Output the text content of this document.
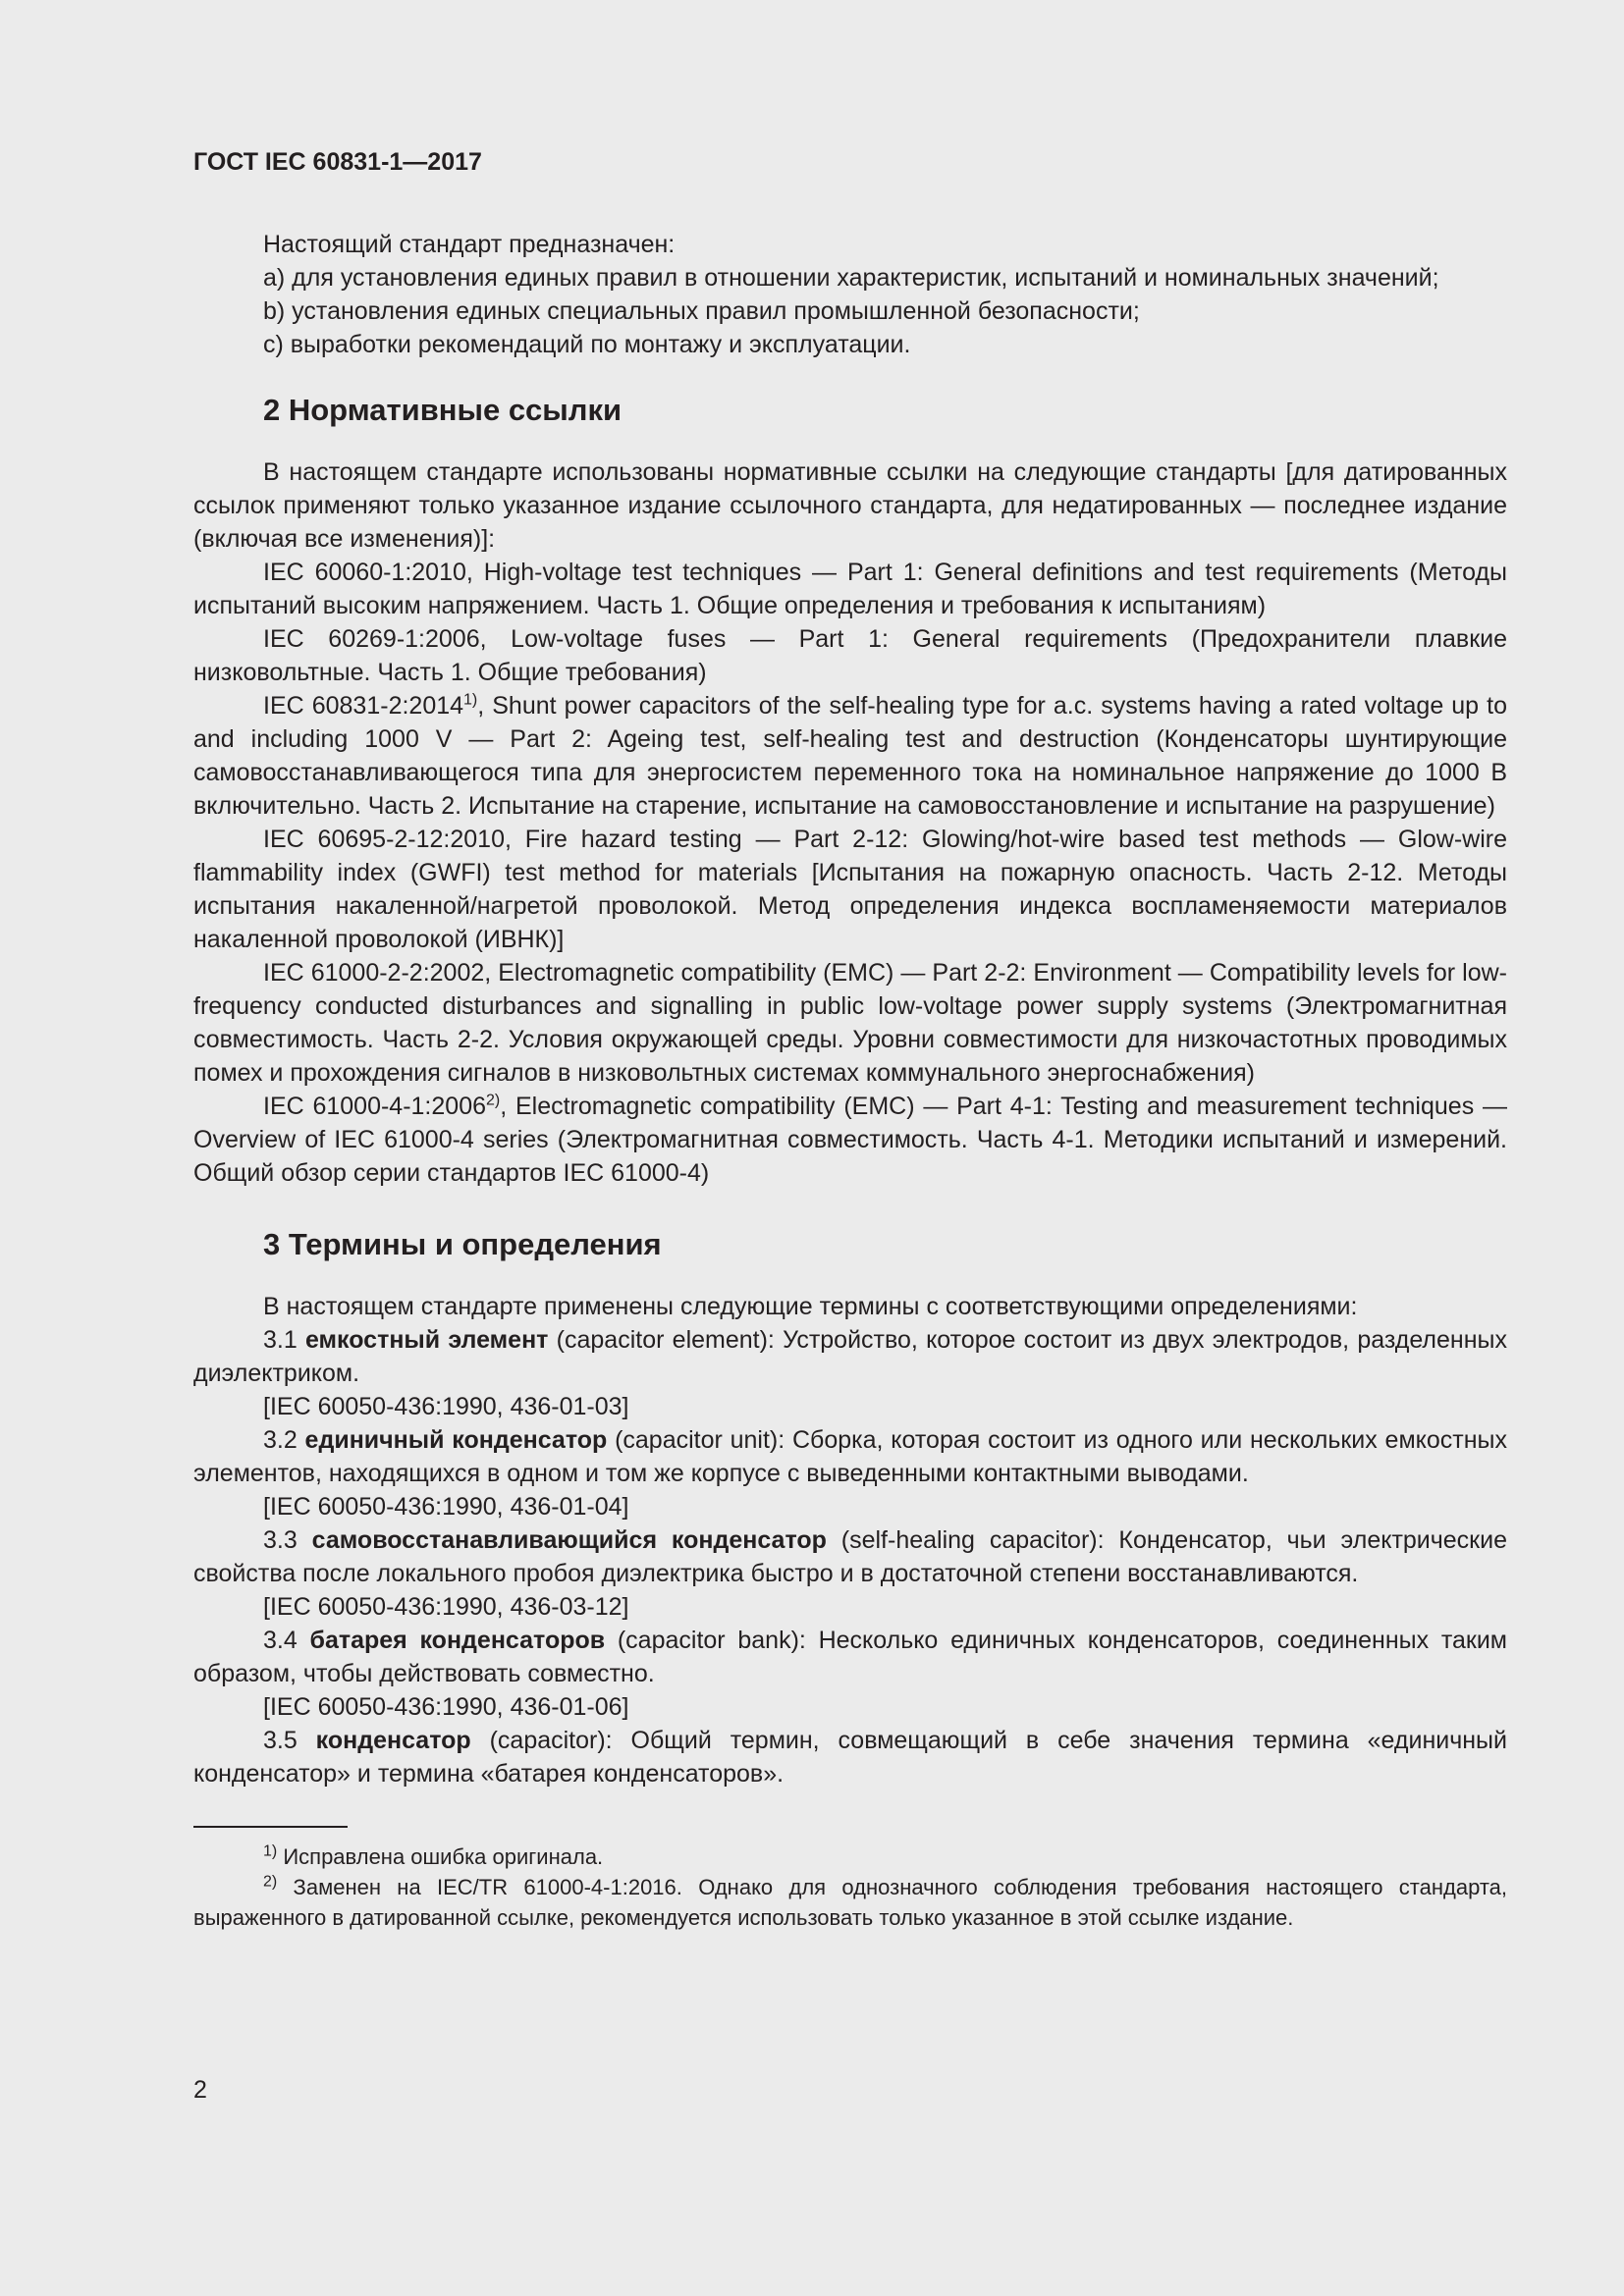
ГОСТ IEC 60831-1—2017

Настоящий стандарт предназначен:

a) для установления единых правил в отношении характеристик, испытаний и номинальных значений;

b) установления единых специальных правил промышленной безопасности;

c) выработки рекомендаций по монтажу и эксплуатации.

2 Нормативные ссылки

В настоящем стандарте использованы нормативные ссылки на следующие стандарты [для датированных ссылок применяют только указанное издание ссылочного стандарта, для недатированных — последнее издание (включая все изменения)]:

IEC 60060-1:2010, High-voltage test techniques — Part 1: General definitions and test requirements (Методы испытаний высоким напряжением. Часть 1. Общие определения и требования к испытаниям)

IEC 60269-1:2006, Low-voltage fuses — Part 1: General requirements (Предохранители плавкие низковольтные. Часть 1. Общие требования)

IEC 60831-2:2014$^{1)}$, Shunt power capacitors of the self-healing type for a.c. systems having a rated voltage up to and including 1000 V — Part 2: Ageing test, self-healing test and destruction (Конденсаторы шунтирующие самовосстанавливающегося типа для энергосистем переменного тока на номинальное напряжение до 1000 В включительно. Часть 2. Испытание на старение, испытание на самовосстановление и испытание на разрушение)

IEC 60695-2-12:2010, Fire hazard testing — Part 2-12: Glowing/hot-wire based test methods — Glow-wire flammability index (GWFI) test method for materials [Испытания на пожарную опасность. Часть 2-12. Методы испытания накаленной/нагретой проволокой. Метод определения индекса воспламеняемости материалов накаленной проволокой (ИВНК)]

IEC 61000-2-2:2002, Electromagnetic compatibility (EMC) — Part 2-2: Environment — Compatibility levels for low-frequency conducted disturbances and signalling in public low-voltage power supply systems (Электромагнитная совместимость. Часть 2-2. Условия окружающей среды. Уровни совместимости для низкочастотных проводимых помех и прохождения сигналов в низковольтных системах коммунального энергоснабжения)

IEC 61000-4-1:2006$^{2)}$, Electromagnetic compatibility (EMC) — Part 4-1: Testing and measurement techniques — Overview of IEC 61000-4 series (Электромагнитная совместимость. Часть 4-1. Методики испытаний и измерений. Общий обзор серии стандартов IEC 61000-4)

3 Термины и определения

В настоящем стандарте применены следующие термины с соответствующими определениями:

3.1 емкостный элемент (capacitor element): Устройство, которое состоит из двух электродов, разделенных диэлектриком.

[IEC 60050-436:1990, 436-01-03]

3.2 единичный конденсатор (capacitor unit): Сборка, которая состоит из одного или нескольких емкостных элементов, находящихся в одном и том же корпусе с выведенными контактными выводами.

[IEC 60050-436:1990, 436-01-04]

3.3 самовосстанавливающийся конденсатор (self-healing capacitor): Конденсатор, чьи электрические свойства после локального пробоя диэлектрика быстро и в достаточной степени восстанавливаются.

[IEC 60050-436:1990, 436-03-12]

3.4 батарея конденсаторов (capacitor bank): Несколько единичных конденсаторов, соединенных таким образом, чтобы действовать совместно.

[IEC 60050-436:1990, 436-01-06]

3.5 конденсатор (capacitor): Общий термин, совмещающий в себе значения термина «единичный конденсатор» и термина «батарея конденсаторов».

$^{1)}$ Исправлена ошибка оригинала.

$^{2)}$ Заменен на IEC/TR 61000-4-1:2016. Однако для однозначного соблюдения требования настоящего стандарта, выраженного в датированной ссылке, рекомендуется использовать только указанное в этой ссылке издание.

2
